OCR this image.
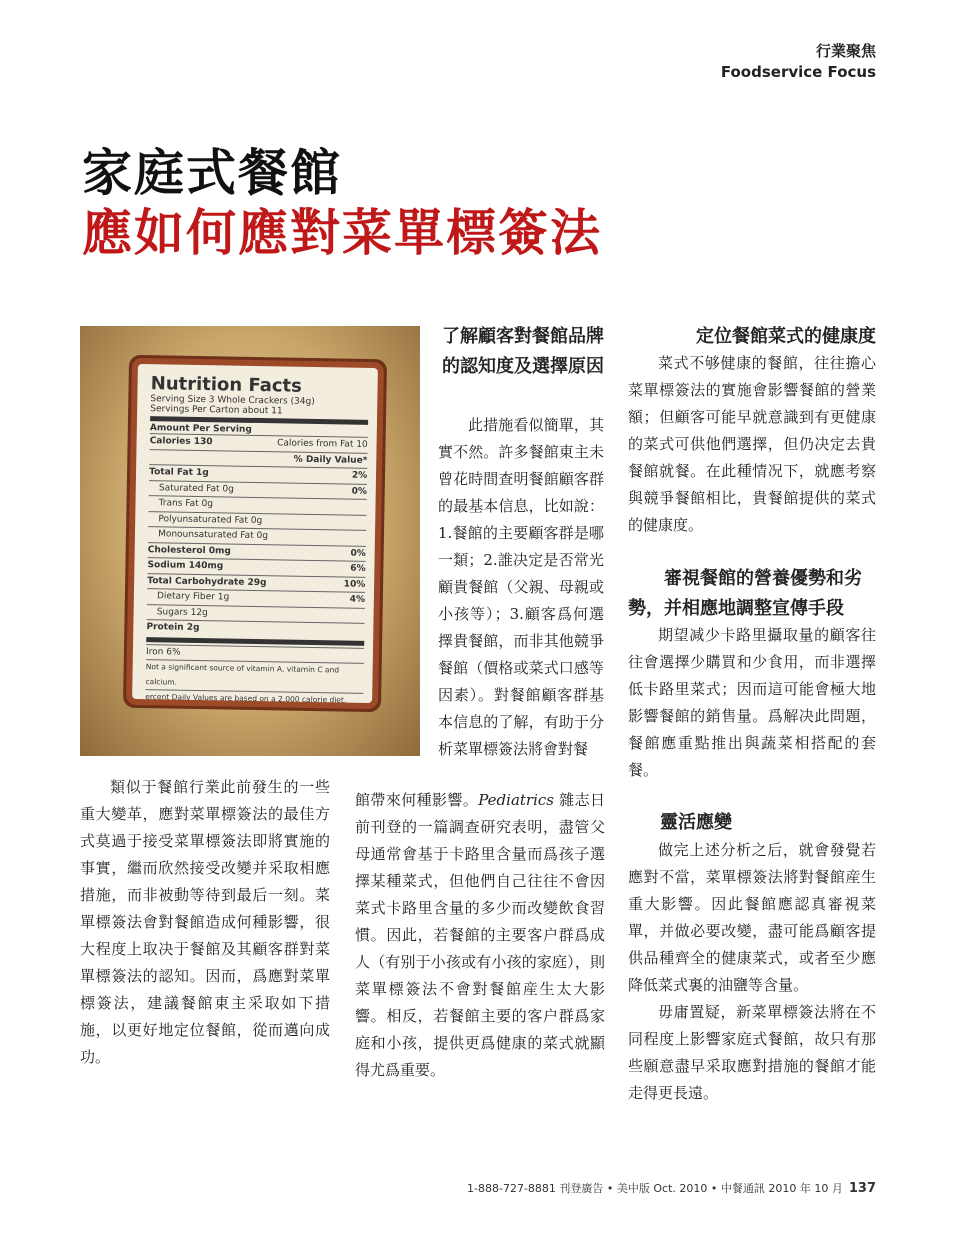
行業聚焦
Foodservice Focus
家庭式餐館
應如何應對菜單標簽法
Nutrition Facts
Serving Size 3 Whole Crackers (34g)
Servings Per Carton about 11
Amount Per Serving
Calories 130	Calories from Fat 10
% Daily Value*
Total Fat 1g	2%
Saturated Fat 0g	0%
Trans Fat 0g
Polyunsaturated Fat 0g
Monounsaturated Fat 0g
Cholesterol 0mg	0%
Sodium 140mg	6%
Total Carbohydrate 29g	10%
Dietary Fiber 1g	4%
Sugars 12g
Protein 2g
Iron 6%
Not a significant source of vitamin A, vitamin C and calcium.
ercent Daily Values are based on a 2,000 calorie diet.

類似于餐館行業此前發生的一些重大變革，應對菜單標簽法的最佳方式莫過于接受菜單標簽法即將實施的事實，繼而欣然接受改變并采取相應措施，而非被動等待到最后一刻。菜單標簽法會對餐館造成何種影響，很大程度上取决于餐館及其顧客群對菜單標簽法的認知。因而，爲應對菜單標簽法，建議餐館東主采取如下措施，以更好地定位餐館，從而邁向成功。

了解顧客對餐館品牌的認知度及選擇原因

此措施看似簡單，其實不然。許多餐館東主未曾花時間查明餐館顧客群的最基本信息，比如說：1.餐館的主要顧客群是哪一類；2.誰决定是否常光顧貴餐館（父親、母親或小孩等）；3.顧客爲何選擇貴餐館，而非其他競爭餐館（價格或菜式口感等因素）。對餐館顧客群基本信息的了解，有助于分析菜單標簽法將會對餐

館帶來何種影響。Pediatrics 雜志日前刊登的一篇調查研究表明，盡管父母通常會基于卡路里含量而爲孩子選擇某種菜式，但他們自己往往不會因菜式卡路里含量的多少而改變飲食習慣。因此，若餐館的主要客户群爲成人（有别于小孩或有小孩的家庭），則菜單標簽法不會對餐館産生太大影響。相反，若餐館主要的客户群爲家庭和小孩，提供更爲健康的菜式就顯得尤爲重要。
定位餐館菜式的健康度

菜式不够健康的餐館，往往擔心菜單標簽法的實施會影響餐館的營業額；但顧客可能早就意識到有更健康的菜式可供他們選擇，但仍决定去貴餐館就餐。在此種情况下，就應考察與競爭餐館相比，貴餐館提供的菜式的健康度。

審視餐館的營養優勢和劣勢，并相應地調整宣傳手段

期望减少卡路里攝取量的顧客往往會選擇少購買和少食用，而非選擇低卡路里菜式；因而這可能會極大地影響餐館的銷售量。爲解决此問題，餐館應重點推出與蔬菜相搭配的套餐。

靈活應變

做完上述分析之后，就會發覺若應對不當，菜單標簽法將對餐館産生重大影響。因此餐館應認真審視菜單，并做必要改變，盡可能爲顧客提供品種齊全的健康菜式，或者至少應降低菜式裏的油鹽等含量。

毋庸置疑，新菜單標簽法將在不同程度上影響家庭式餐館，故只有那些願意盡早采取應對措施的餐館才能走得更長遠。

1-888-727-8881 刊登廣告 • 美中版 Oct. 2010 • 中餐通訊 2010 年 10 月 137
